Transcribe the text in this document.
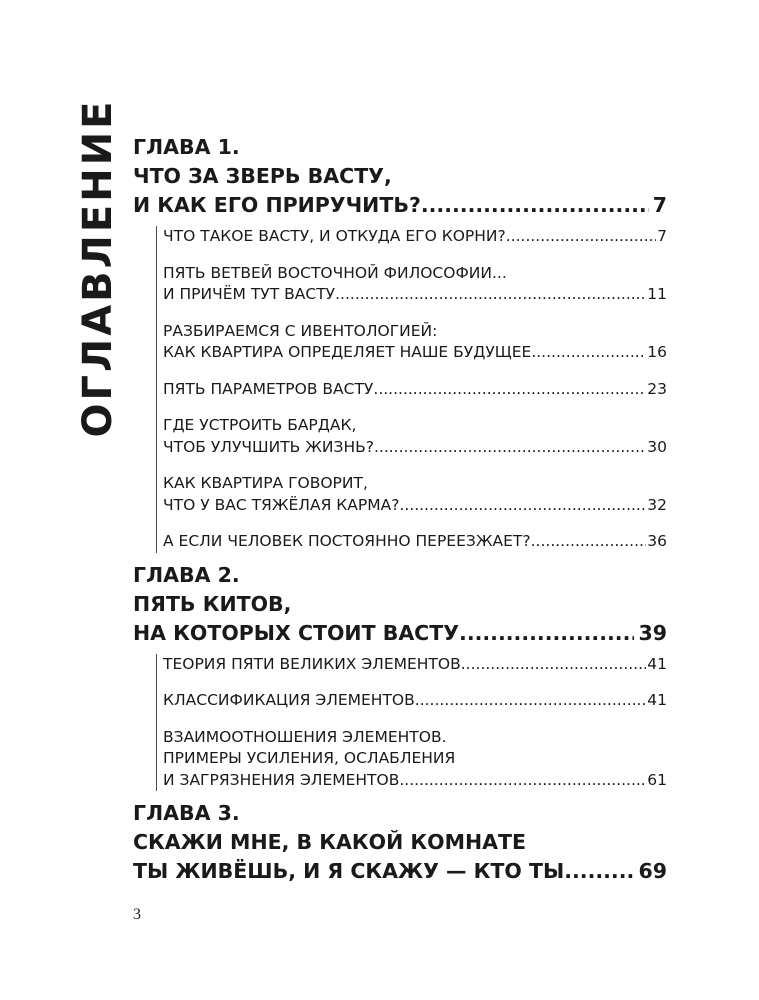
ОГЛАВЛЕНИЕ ГЛАВА 1.
ЧТО ЗА ЗВЕРЬ ВАСТУ,
И КАК ЕГО ПРИРУЧИТЬ? .....	7
ЧТО ТАКОЕ ВАСТУ, И ОТКУДА ЕГО КОРНИ? .....	7
ПЯТЬ ВЕТВЕЙ ВОСТОЧНОЙ ФИЛОСОФИИ...
И ПРИЧЁМ ТУТ ВАСТУ .....	11
РАЗБИРАЕМСЯ С ИВЕНТОЛОГИЕЙ:
КАК КВАРТИРА ОПРЕДЕЛЯЕТ НАШЕ БУДУЩЕЕ .....	16
ПЯТЬ ПАРАМЕТРОВ ВАСТУ .....	23
ГДЕ УСТРОИТЬ БАРДАК,
ЧТОБ УЛУЧШИТЬ ЖИЗНЬ? .....	30
КАК КВАРТИРА ГОВОРИТ,
ЧТО У ВАС ТЯЖЁЛАЯ КАРМА? .....	32
А ЕСЛИ ЧЕЛОВЕК ПОСТОЯННО ПЕРЕЕЗЖАЕТ? .....	36
ГЛАВА 2.
ПЯТЬ КИТОВ,
НА КОТОРЫХ СТОИТ ВАСТУ .....	39
ТЕОРИЯ ПЯТИ ВЕЛИКИХ ЭЛЕМЕНТОВ .....	41
КЛАССИФИКАЦИЯ ЭЛЕМЕНТОВ .....	41
ВЗАИМООТНОШЕНИЯ ЭЛЕМЕНТОВ.
ПРИМЕРЫ УСИЛЕНИЯ, ОСЛАБЛЕНИЯ
И ЗАГРЯЗНЕНИЯ ЭЛЕМЕНТОВ .....	61
ГЛАВА 3.
СКАЖИ МНЕ, В КАКОЙ КОМНАТЕ
ТЫ ЖИВЁШЬ, И Я СКАЖУ — КТО ТЫ .....	69
3
